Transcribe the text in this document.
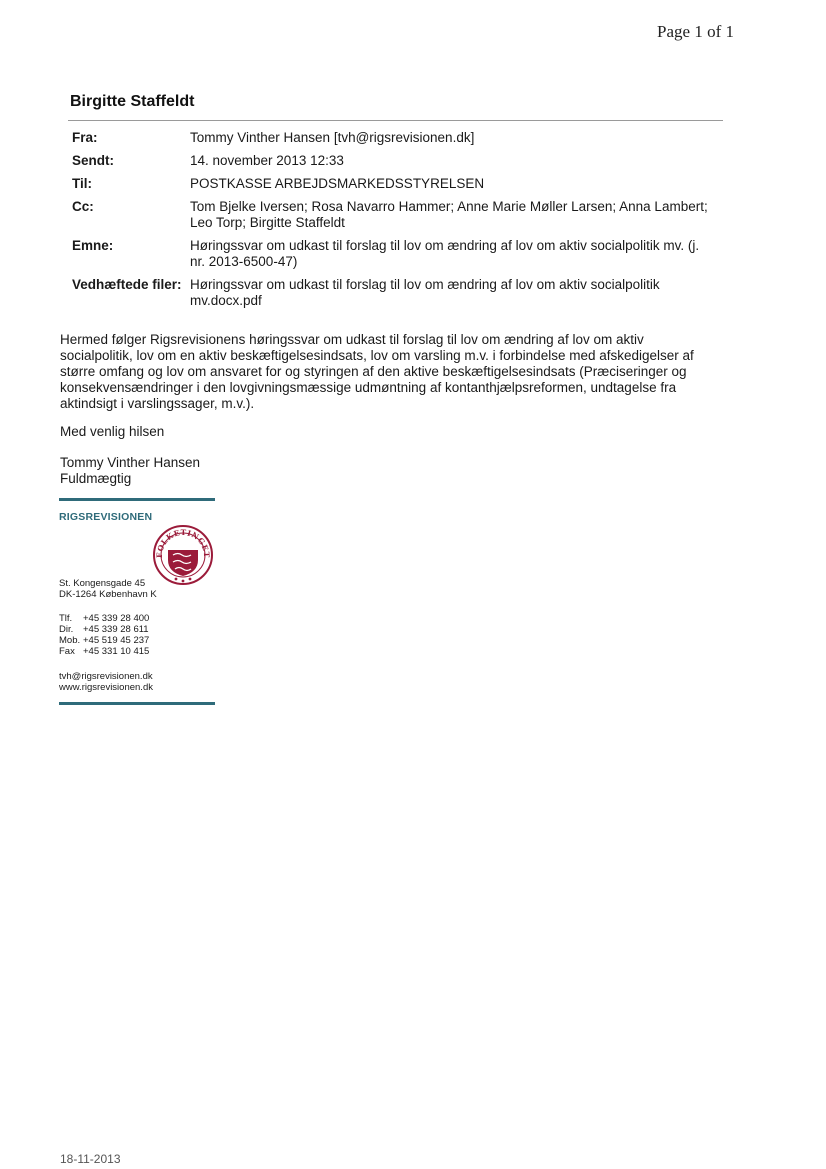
Page 1 of 1
Birgitte Staffeldt
Fra:	Tommy Vinther Hansen [tvh@rigsrevisionen.dk]
Sendt:	14. november 2013 12:33
Til:	POSTKASSE ARBEJDSMARKEDSSTYRELSEN
Cc:	Tom Bjelke Iversen; Rosa Navarro Hammer; Anne Marie Møller Larsen; Anna Lambert; Leo Torp; Birgitte Staffeldt
Emne:	Høringssvar om udkast til forslag til lov om ændring af lov om aktiv socialpolitik mv. (j. nr. 2013-6500-47)
Vedhæftede filer:	Høringssvar om udkast til forslag til lov om ændring af lov om aktiv socialpolitik mv.docx.pdf

Hermed følger Rigsrevisionens høringssvar om udkast til forslag til lov om ændring af lov om aktiv socialpolitik, lov om en aktiv beskæftigelsesindsats, lov om varsling m.v. i forbindelse med afskedigelser af større omfang og lov om ansvaret for og styringen af den aktive beskæftigelsesindsats (Præciseringer og konsekvensændringer i den lovgivningsmæssige udmøntning af kontanthjælpsreformen, undtagelse fra aktindsigt i varslingssager, m.v.).

Med venlig hilsen
Tommy Vinther Hansen
Fuldmægtig
RIGSREVISIONEN
FOLKETINGET
St. Kongensgade 45
DK-1264 København K
Tlf.	+45 339 28 400
Dir.	+45 339 28 611
Mob. +45 519 45 237
Fax +45 331 10 415
tvh@rigsrevisionen.dk
www.rigsrevisionen.dk
18-11-2013
